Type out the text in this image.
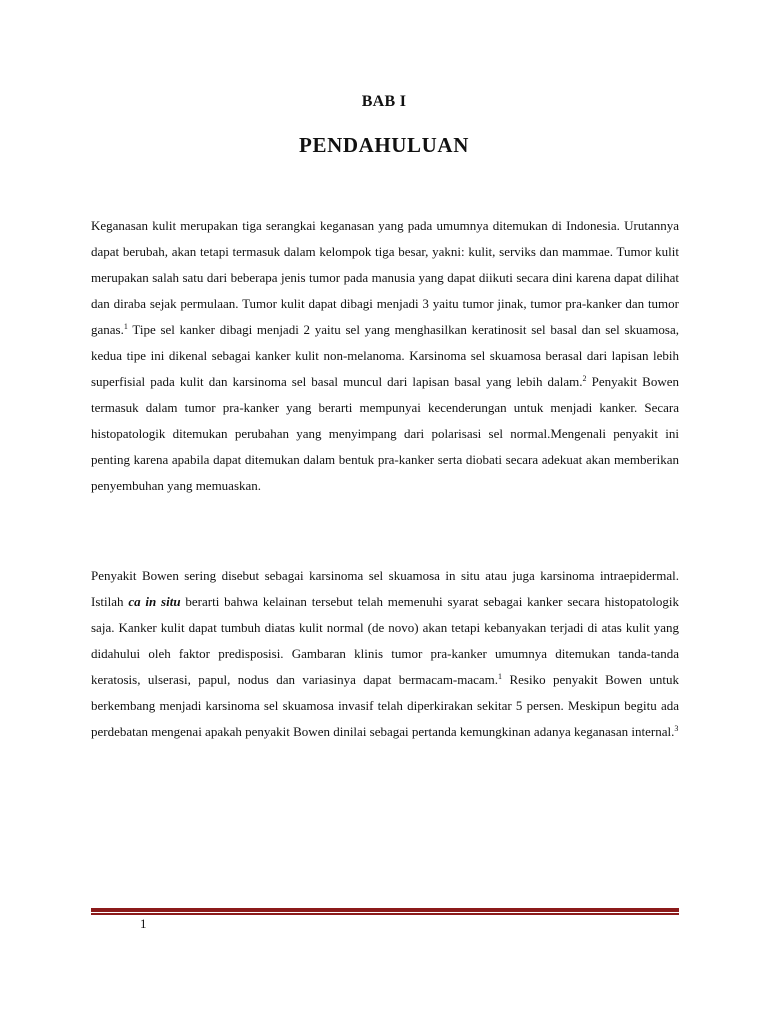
BAB I
PENDAHULUAN

Keganasan kulit merupakan tiga serangkai keganasan yang pada umumnya ditemukan di Indonesia. Urutannya dapat berubah, akan tetapi termasuk dalam kelompok tiga besar, yakni: kulit, serviks dan mammae. Tumor kulit merupakan salah satu dari beberapa jenis tumor pada manusia yang dapat diikuti secara dini karena dapat dilihat dan diraba sejak permulaan. Tumor kulit dapat dibagi menjadi 3 yaitu tumor jinak, tumor pra-kanker dan tumor ganas.$^1$ Tipe sel kanker dibagi menjadi 2 yaitu sel yang menghasilkan keratinosit sel basal dan sel skuamosa, kedua tipe ini dikenal sebagai kanker kulit non-melanoma. Karsinoma sel skuamosa berasal dari lapisan lebih superfisial pada kulit dan karsinoma sel basal muncul dari lapisan basal yang lebih dalam.$^2$ Penyakit Bowen termasuk dalam tumor pra-kanker yang berarti mempunyai kecenderungan untuk menjadi kanker. Secara histopatologik ditemukan perubahan yang menyimpang dari polarisasi sel normal.Mengenali penyakit ini penting karena apabila dapat ditemukan dalam bentuk pra-kanker serta diobati secara adekuat akan memberikan penyembuhan yang memuaskan.

Penyakit Bowen sering disebut sebagai karsinoma sel skuamosa in situ atau juga karsinoma intraepidermal. Istilah ca in situ berarti bahwa kelainan tersebut telah memenuhi syarat sebagai kanker secara histopatologik saja. Kanker kulit dapat tumbuh diatas kulit normal (de novo) akan tetapi kebanyakan terjadi di atas kulit yang didahului oleh faktor predisposisi. Gambaran klinis tumor pra-kanker umumnya ditemukan tanda-tanda keratosis, ulserasi, papul, nodus dan variasinya dapat bermacam-macam.$^1$ Resiko penyakit Bowen untuk berkembang menjadi karsinoma sel skuamosa invasif telah diperkirakan sekitar 5 persen. Meskipun begitu ada perdebatan mengenai apakah penyakit Bowen dinilai sebagai pertanda kemungkinan adanya keganasan internal.$^3$

1
